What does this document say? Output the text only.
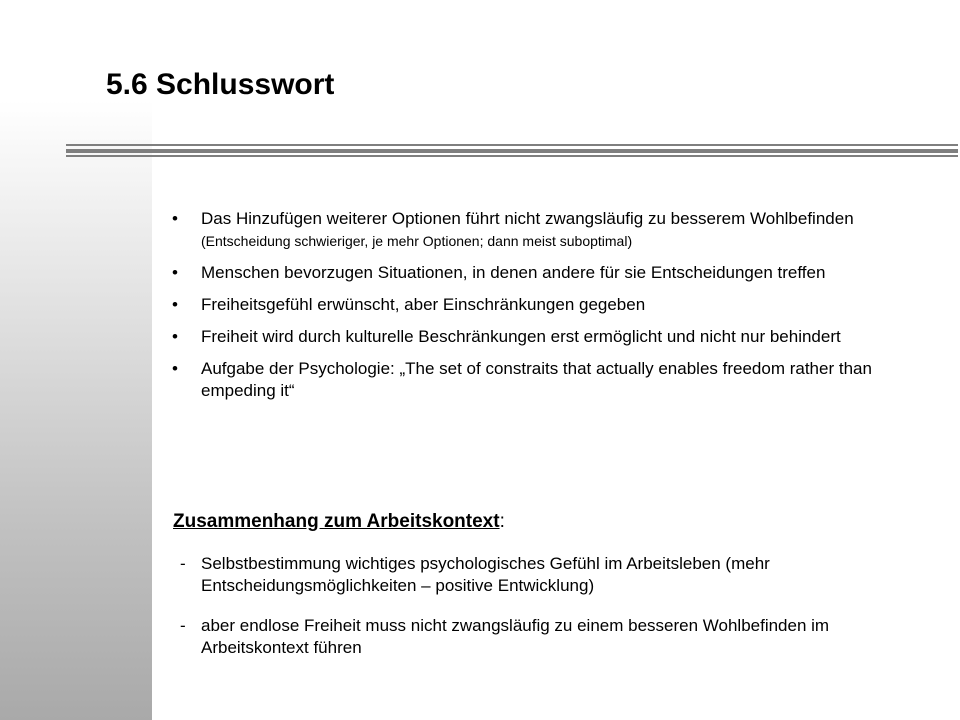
5.6 Schlusswort
• Das Hinzufügen weiterer Optionen führt nicht zwangsläufig zu besserem Wohlbefinden (Entscheidung schwieriger, je mehr Optionen; dann meist suboptimal)
• Menschen bevorzugen Situationen, in denen andere für sie Entscheidungen treffen
• Freiheitsgefühl erwünscht, aber Einschränkungen gegeben
• Freiheit wird durch kulturelle Beschränkungen erst ermöglicht und nicht nur behindert
• Aufgabe der Psychologie: „The set of constraits that actually enables freedom rather than empeding it“
Zusammenhang zum Arbeitskontext:
- Selbstbestimmung wichtiges psychologisches Gefühl im Arbeitsleben (mehr Entscheidungsmöglichkeiten – positive Entwicklung)
- aber endlose Freiheit muss nicht zwangsläufig zu einem besseren Wohlbefinden im Arbeitskontext führen
